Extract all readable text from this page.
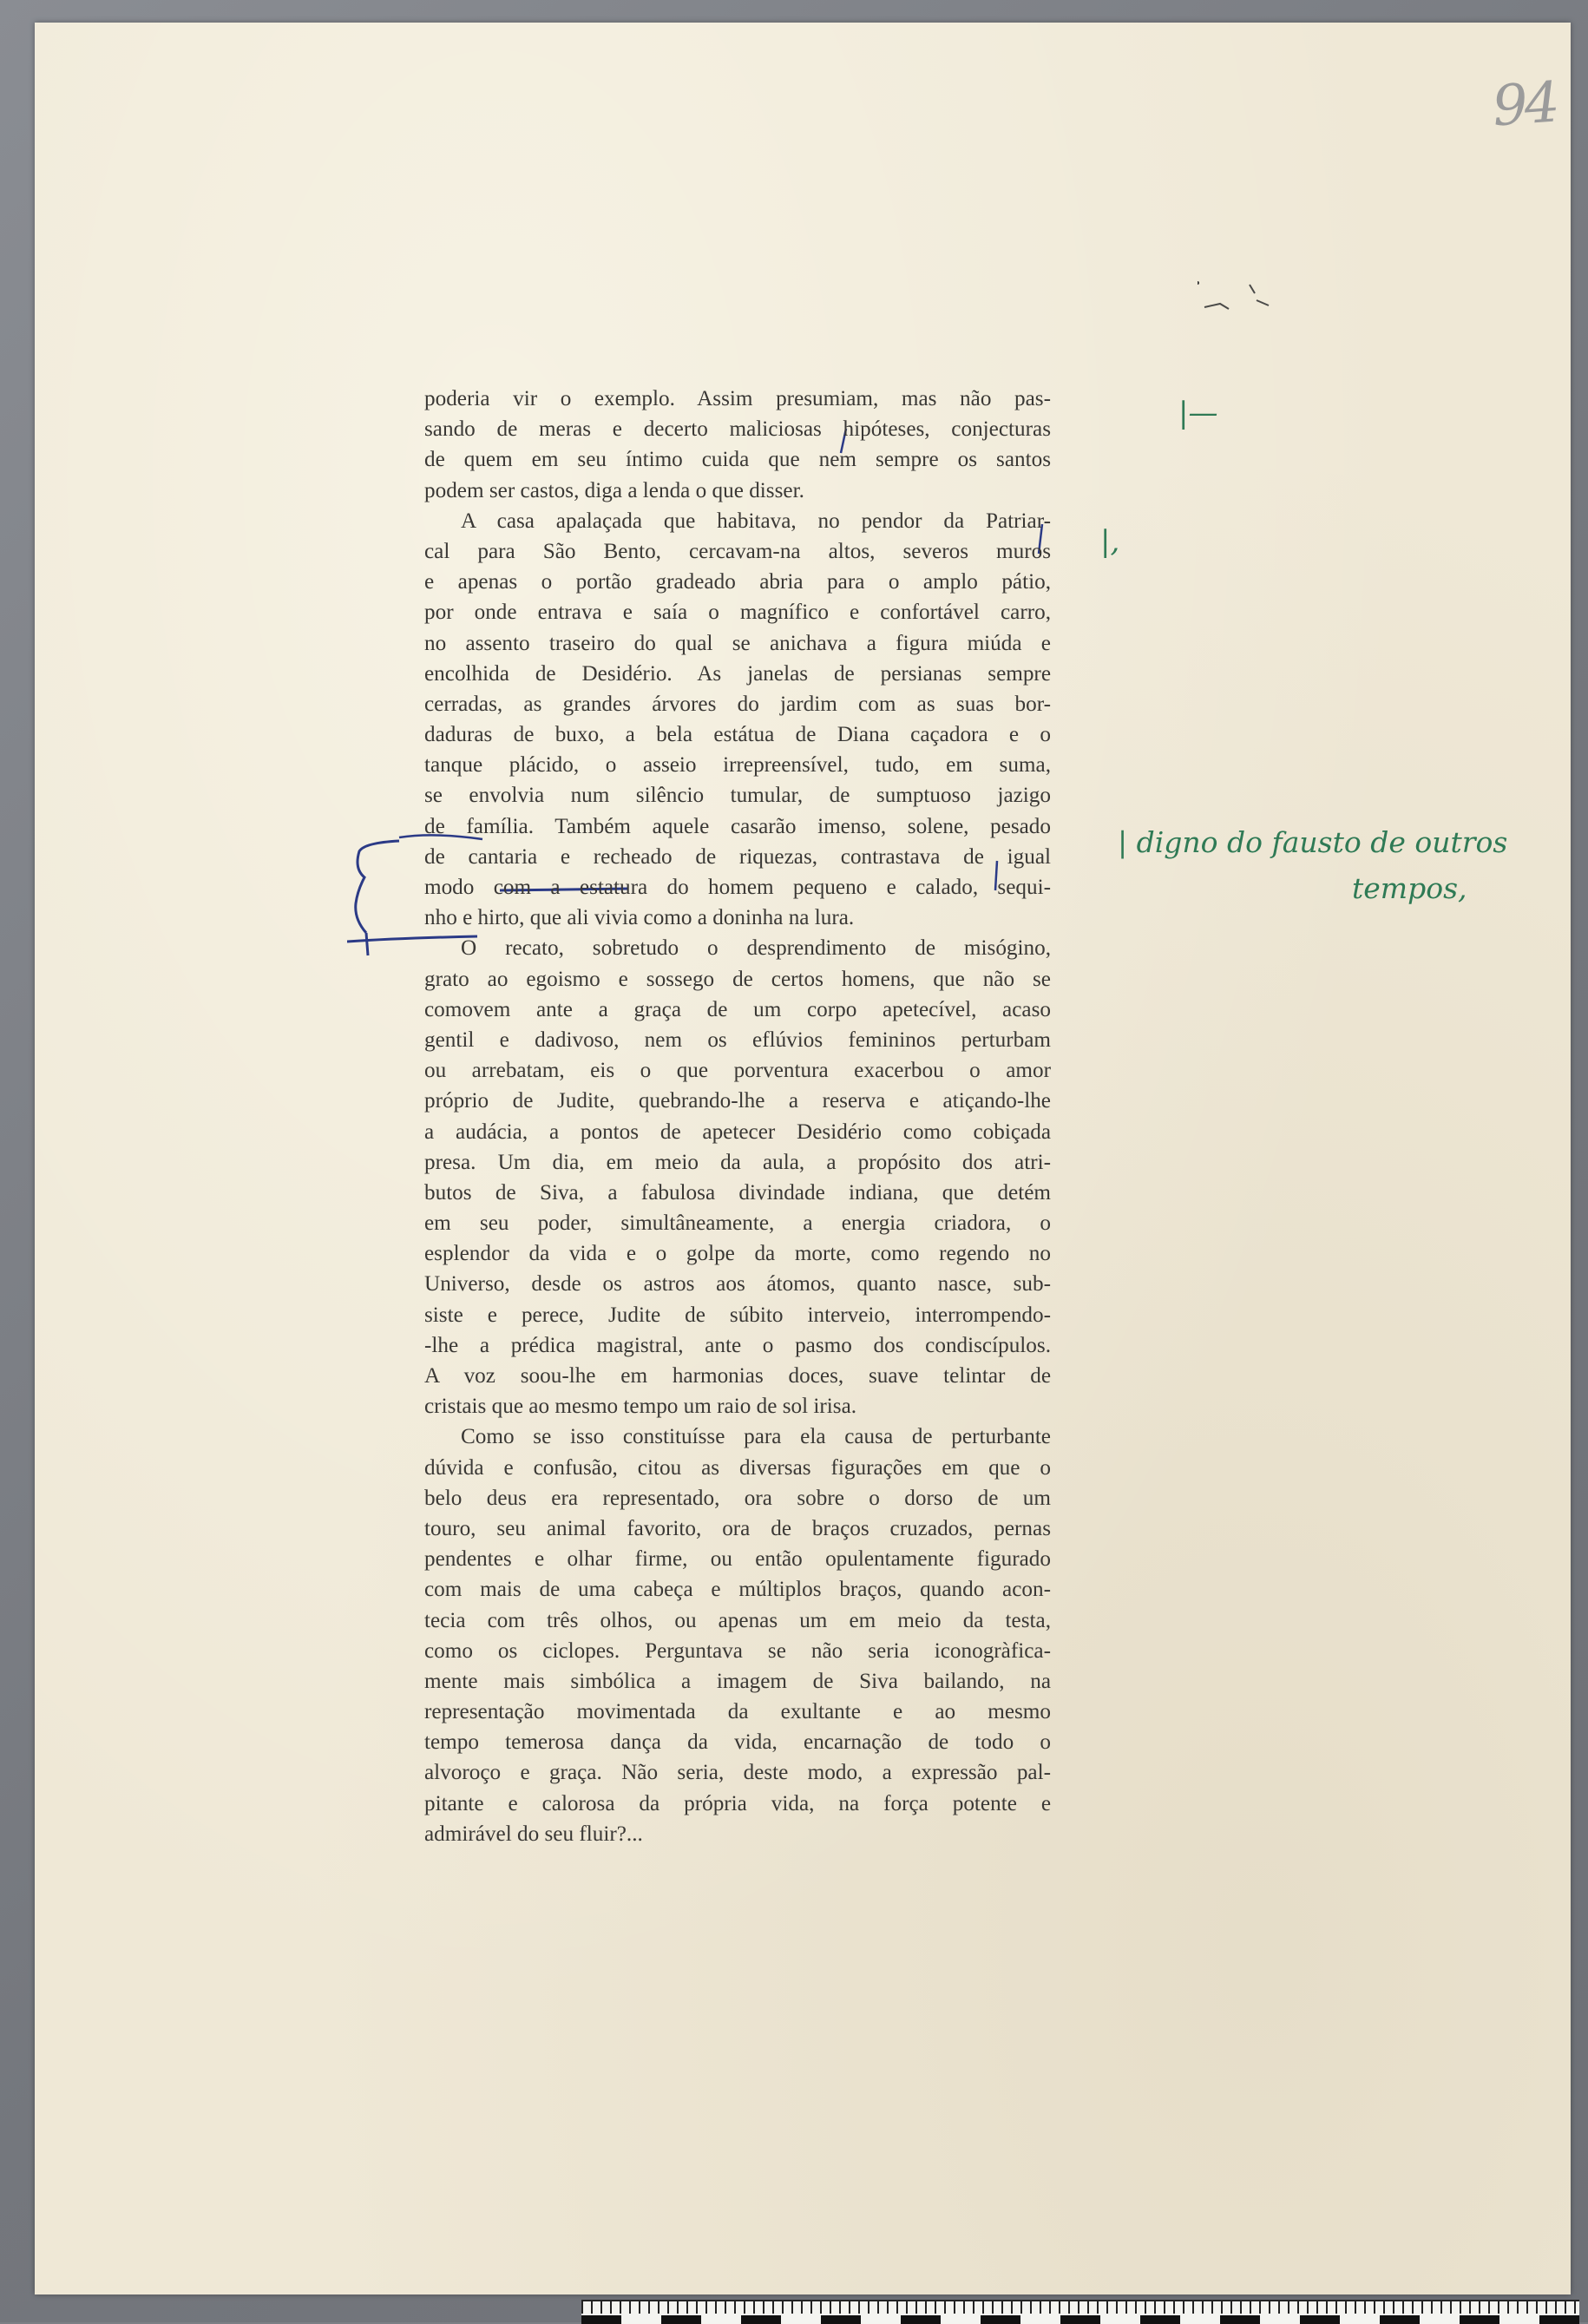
94
|—
|,
| digno do fausto de outros
tempos,
poderia vir o exemplo. Assim presumiam, mas não pas-
sando de meras e decerto maliciosas hipóteses, conjecturas
de quem em seu íntimo cuida que nem sempre os santos
podem ser castos, diga a lenda o que disser.
A casa apalaçada que habitava, no pendor da Patriar-
cal para São Bento, cercavam-na altos, severos muros
e apenas o portão gradeado abria para o amplo pátio,
por onde entrava e saía o magnífico e confortável carro,
no assento traseiro do qual se anichava a figura miúda e
encolhida de Desidério. As janelas de persianas sempre
cerradas, as grandes árvores do jardim com as suas bor-
daduras de buxo, a bela estátua de Diana caçadora e o
tanque plácido, o asseio irrepreensível, tudo, em suma,
se envolvia num silêncio tumular, de sumptuoso jazigo
de família. Também aquele casarão imenso, solene, pesado
de cantaria e recheado de riquezas, contrastava de igual
modo com a estatura do homem pequeno e calado, sequi-
nho e hirto, que ali vivia como a doninha na lura.
O recato, sobretudo o desprendimento de misógino,
grato ao egoismo e sossego de certos homens, que não se
comovem ante a graça de um corpo apetecível, acaso
gentil e dadivoso, nem os eflúvios femininos perturbam
ou arrebatam, eis o que porventura exacerbou o amor
próprio de Judite, quebrando-lhe a reserva e atiçando-lhe
a audácia, a pontos de apetecer Desidério como cobiçada
presa. Um dia, em meio da aula, a propósito dos atri-
butos de Siva, a fabulosa divindade indiana, que detém
em seu poder, simultâneamente, a energia criadora, o
esplendor da vida e o golpe da morte, como regendo no
Universo, desde os astros aos átomos, quanto nasce, sub-
siste e perece, Judite de súbito interveio, interrompendo-
-lhe a prédica magistral, ante o pasmo dos condiscípulos.
A voz soou-lhe em harmonias doces, suave telintar de
cristais que ao mesmo tempo um raio de sol irisa.
Como se isso constituísse para ela causa de perturbante
dúvida e confusão, citou as diversas figurações em que o
belo deus era representado, ora sobre o dorso de um
touro, seu animal favorito, ora de braços cruzados, pernas
pendentes e olhar firme, ou então opulentamente figurado
com mais de uma cabeça e múltiplos braços, quando acon-
tecia com três olhos, ou apenas um em meio da testa,
como os ciclopes. Perguntava se não seria iconogràfica-
mente mais simbólica a imagem de Siva bailando, na
representação movimentada da exultante e ao mesmo
tempo temerosa dança da vida, encarnação de todo o
alvoroço e graça. Não seria, deste modo, a expressão pal-
pitante e calorosa da própria vida, na força potente e
admirável do seu fluir?...
